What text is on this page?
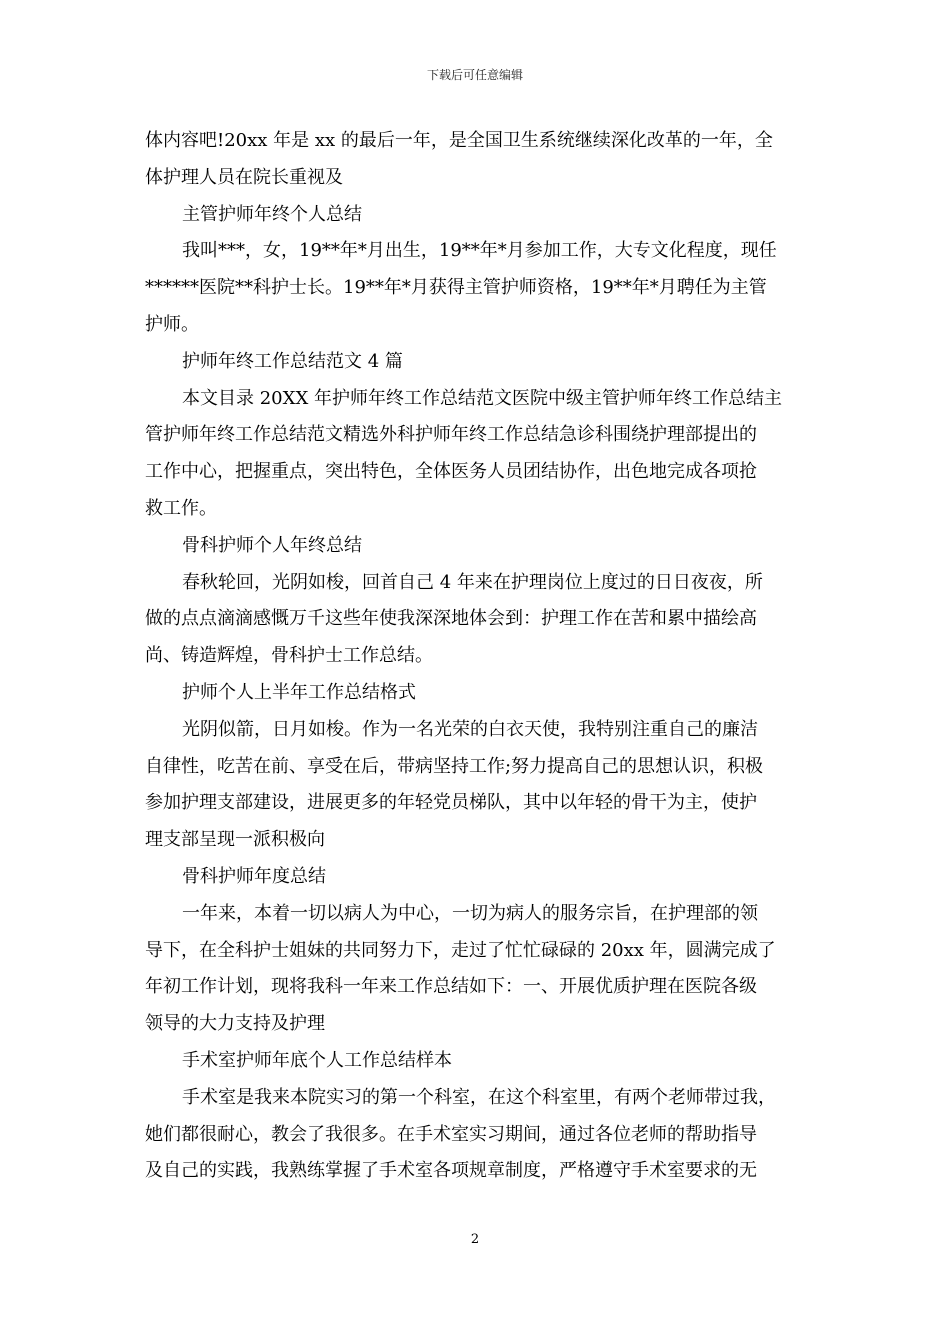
下载后可任意编辑
体内容吧!20xx 年是 xx 的最后一年，是全国卫生系统继续深化改革的一年，全
体护理人员在院长重视及
主管护师年终个人总结
我叫***，女，19**年*月出生，19**年*月参加工作，大专文化程度，现任
******医院**科护士长。19**年*月获得主管护师资格，19**年*月聘任为主管
护师。
护师年终工作总结范文 4 篇
本文目录 20XX 年护师年终工作总结范文医院中级主管护师年终工作总结主
管护师年终工作总结范文精选外科护师年终工作总结急诊科围绕护理部提出的
工作中心，把握重点，突出特色，全体医务人员团结协作，出色地完成各项抢
救工作。
骨科护师个人年终总结
春秋轮回，光阴如梭，回首自己 4 年来在护理岗位上度过的日日夜夜，所
做的点点滴滴感慨万千这些年使我深深地体会到：护理工作在苦和累中描绘高
尚、铸造辉煌，骨科护士工作总结。
护师个人上半年工作总结格式
光阴似箭，日月如梭。作为一名光荣的白衣天使，我特别注重自己的廉洁
自律性，吃苦在前、享受在后，带病坚持工作;努力提高自己的思想认识，积极
参加护理支部建设，进展更多的年轻党员梯队，其中以年轻的骨干为主，使护
理支部呈现一派积极向
骨科护师年度总结
一年来，本着一切以病人为中心，一切为病人的服务宗旨，在护理部的领
导下，在全科护士姐妹的共同努力下，走过了忙忙碌碌的 20xx 年，圆满完成了
年初工作计划，现将我科一年来工作总结如下：一、开展优质护理在医院各级
领导的大力支持及护理
手术室护师年底个人工作总结样本
手术室是我来本院实习的第一个科室，在这个科室里，有两个老师带过我，
她们都很耐心，教会了我很多。在手术室实习期间，通过各位老师的帮助指导
及自己的实践，我熟练掌握了手术室各项规章制度，严格遵守手术室要求的无
2
